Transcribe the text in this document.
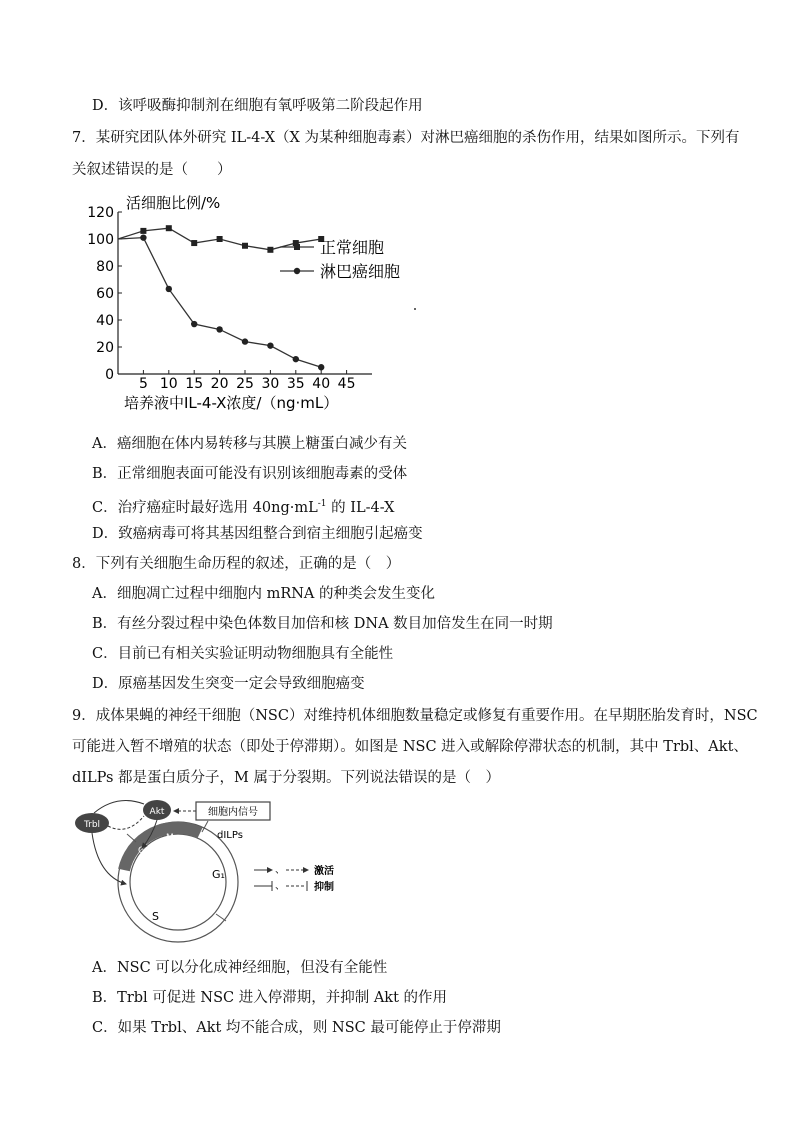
D．该呼吸酶抑制剂在细胞有氧呼吸第二阶段起作用
7．某研究团队体外研究 IL-4-X（X 为某种细胞毒素）对淋巴癌细胞的杀伤作用，结果如图所示。下列有
关叙述错误的是（　　）
活细胞比例/%
0
20
40
60
80
100
120
5 10 15 20 25 30 35 40 45
正常细胞
淋巴癌细胞
培养液中IL-4-X浓度/（ng·mL）
A．癌细胞在体内易转移与其膜上糖蛋白减少有关
B．正常细胞表面可能没有识别该细胞毒素的受体
C．治疗癌症时最好选用 $40ng\cdot mL^{-1}$ 的 IL-4-X
D．致癌病毒可将其基因组整合到宿主细胞引起癌变
8．下列有关细胞生命历程的叙述，正确的是（　）
A．细胞凋亡过程中细胞内 mRNA 的种类会发生变化
B．有丝分裂过程中染色体数目加倍和核 DNA 数目加倍发生在同一时期
C．目前已有相关实验证明动物细胞具有全能性
D．原癌基因发生突变一定会导致细胞癌变
9．成体果蝇的神经干细胞（NSC）对维持机体细胞数量稳定或修复有重要作用。在早期胚胎发育时，NSC
可能进入暂不增殖的状态（即处于停滞期）。如图是 NSC 进入或解除停滞状态的机制，其中 Trbl、Akt、
dILPs 都是蛋白质分子，M 属于分裂期。下列说法错误的是（　）
G₂
M
G₁
S
Trbl
Akt	细胞内信号
dILPs
、	激活
、	抑制
A．NSC 可以分化成神经细胞，但没有全能性
B．Trbl 可促进 NSC 进入停滞期，并抑制 Akt 的作用
C．如果 Trbl、Akt 均不能合成，则 NSC 最可能停止于停滞期
